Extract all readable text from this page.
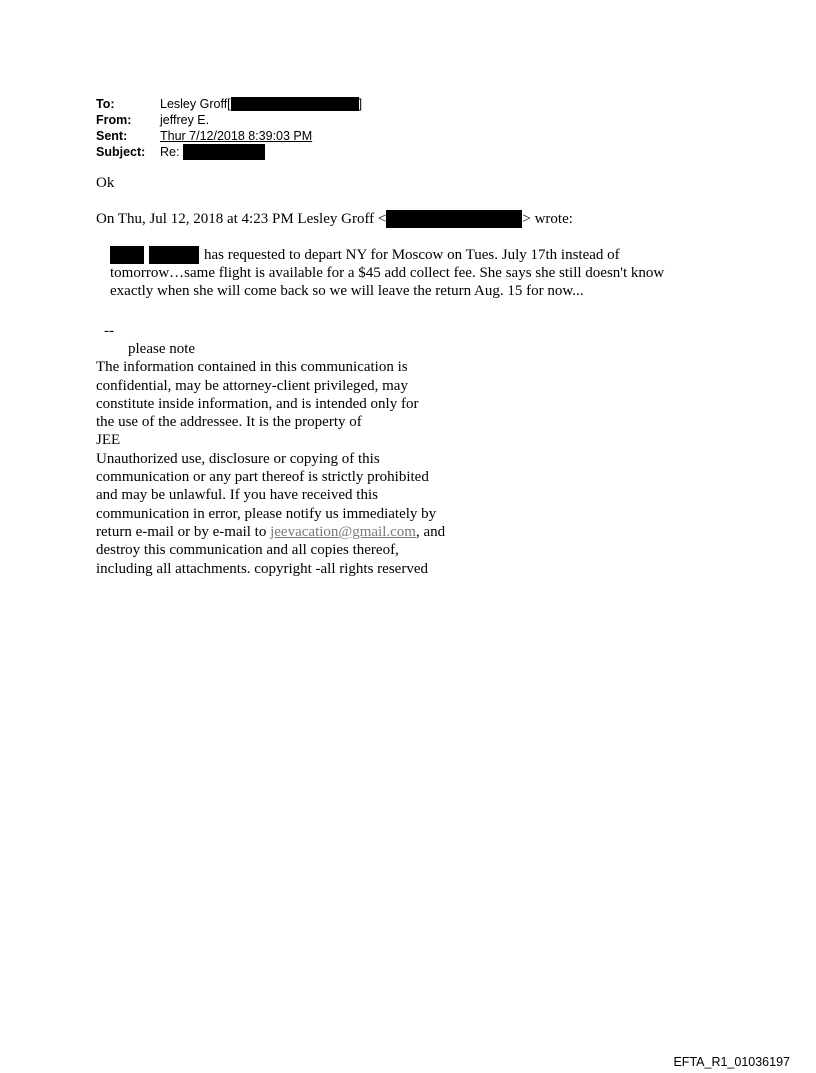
To:	Lesley Groff[	]
From:	jeffrey E.
Sent:	Thur 7/12/2018 8:39:03 PM
Subject:	Re:

Ok
On Thu, Jul 12, 2018 at 4:23 PM Lesley Groff <	> wrote:
has requested to depart NY for Moscow on Tues. July 17th instead of
tomorrow…same flight is available for a $45 add collect fee. She says she still doesn't know
exactly when she will come back so we will leave the return Aug. 15 for now...
--
please note
The information contained in this communication is
confidential, may be attorney-client privileged, may
constitute inside information, and is intended only for
the use of the addressee. It is the property of
JEE
Unauthorized use, disclosure or copying of this
communication or any part thereof is strictly prohibited
and may be unlawful. If you have received this
communication in error, please notify us immediately by
return e-mail or by e-mail to jeevacation@gmail.com, and
destroy this communication and all copies thereof,
including all attachments. copyright -all rights reserved
EFTA_R1_01036197
